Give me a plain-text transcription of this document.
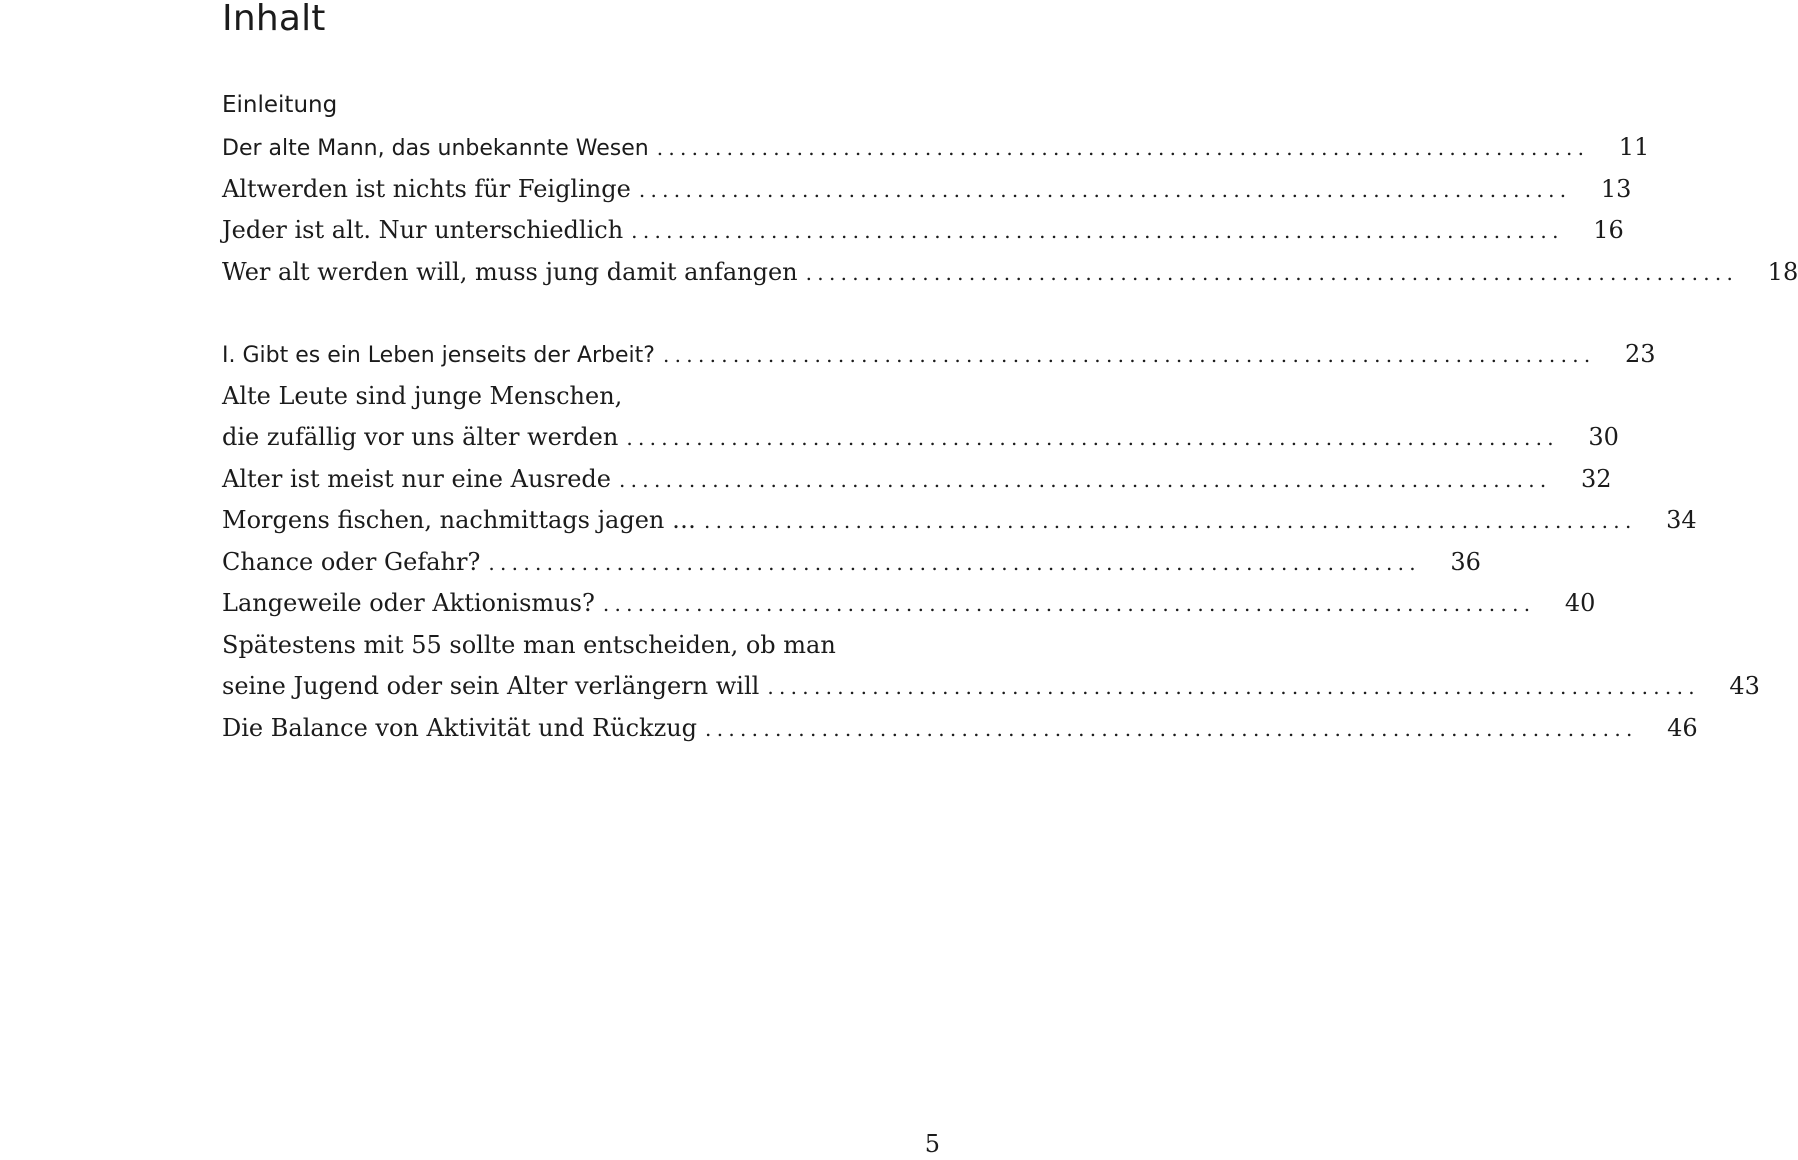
Inhalt
Einleitung
Der alte Mann, das unbekannte Wesen ................................................................................	11
Altwerden ist nichts für Feiglinge ................................................................................	13
Jeder ist alt. Nur unterschiedlich ................................................................................	16
Wer alt werden will, muss jung damit anfangen ................................................................................	18
I. Gibt es ein Leben jenseits der Arbeit? ................................................................................	23
Alte Leute sind junge Menschen,
die zufällig vor uns älter werden ................................................................................	30
Alter ist meist nur eine Ausrede ................................................................................	32
Morgens fischen, nachmittags jagen … ................................................................................	34
Chance oder Gefahr? ................................................................................	36
Langeweile oder Aktionismus? ................................................................................	40
Spätestens mit 55 sollte man entscheiden, ob man
seine Jugend oder sein Alter verlängern will ................................................................................	43
Die Balance von Aktivität und Rückzug ................................................................................	46
5
